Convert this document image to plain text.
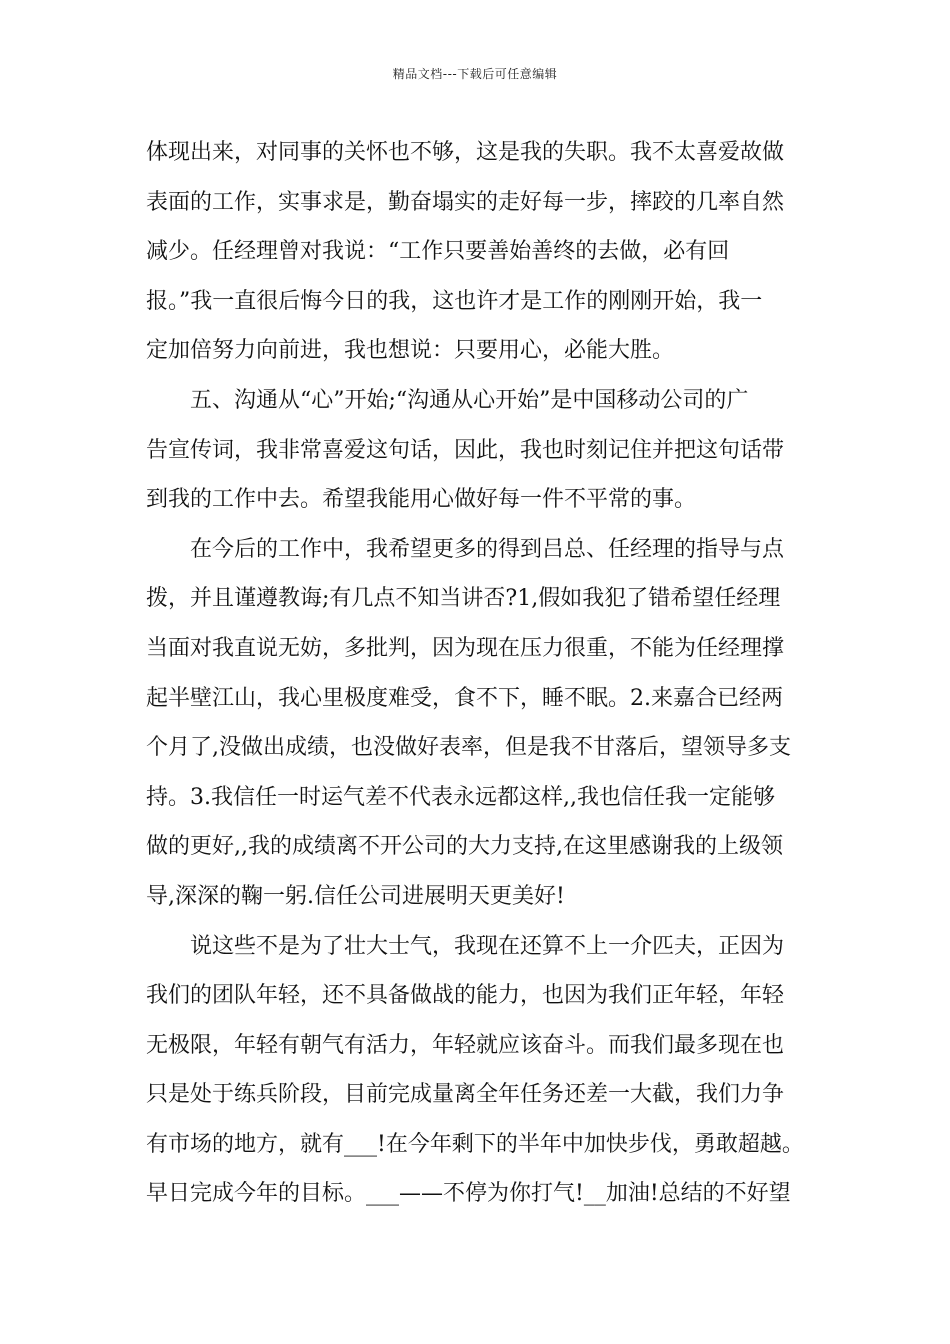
精品文档---下载后可任意编辑
体现出来，对同事的关怀也不够，这是我的失职。我不太喜爱故做
表面的工作，实事求是，勤奋塌实的走好每一步，摔跤的几率自然
减少。任经理曾对我说：“工作只要善始善终的去做，必有回
报。”我一直很后悔今日的我，这也许才是工作的刚刚开始，我一
定加倍努力向前进，我也想说：只要用心，必能大胜。
五、沟通从“心”开始;“沟通从心开始”是中国移动公司的广
告宣传词，我非常喜爱这句话，因此，我也时刻记住并把这句话带
到我的工作中去。希望我能用心做好每一件不平常的事。
在今后的工作中，我希望更多的得到吕总、任经理的指导与点
拨，并且谨遵教诲;有几点不知当讲否?1,假如我犯了错希望任经理
当面对我直说无妨，多批判，因为现在压力很重，不能为任经理撑
起半壁江山，我心里极度难受，食不下，睡不眠。2.来嘉合已经两
个月了,没做出成绩，也没做好表率，但是我不甘落后，望领导多支
持。3.我信任一时运气差不代表永远都这样,,我也信任我一定能够
做的更好,,我的成绩离不开公司的大力支持,在这里感谢我的上级领
导,深深的鞠一躬.信任公司进展明天更美好!
说这些不是为了壮大士气，我现在还算不上一介匹夫，正因为
我们的团队年轻，还不具备做战的能力，也因为我们正年轻，年轻
无极限，年轻有朝气有活力，年轻就应该奋斗。而我们最多现在也
只是处于练兵阶段，目前完成量离全年任务还差一大截，我们力争
有市场的地方，就有___!在今年剩下的半年中加快步伐，勇敢超越。
早日完成今年的目标。___——不停为你打气!__加油!总结的不好望
